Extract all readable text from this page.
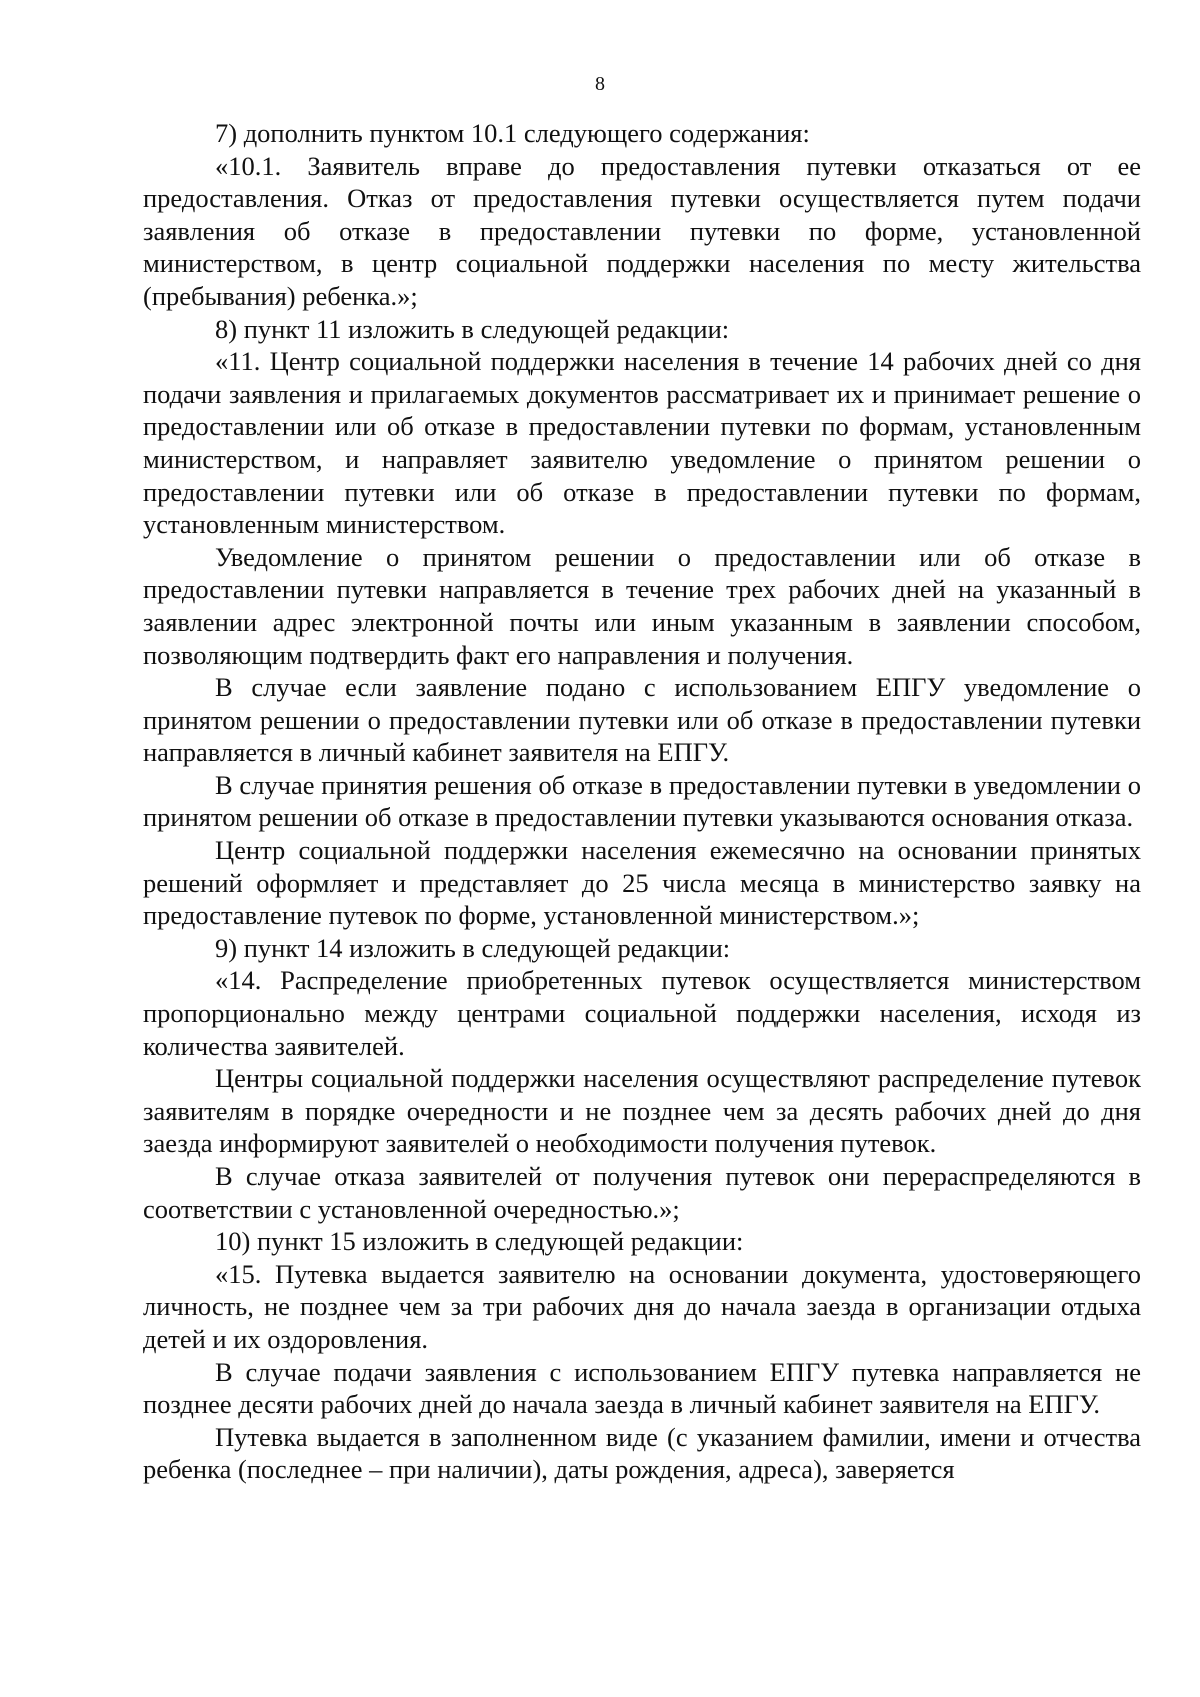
8

7) дополнить пунктом 10.1 следующего содержания:

«10.1. Заявитель вправе до предоставления путевки отказаться от ее предоставления. Отказ от предоставления путевки осуществляется путем подачи заявления об отказе в предоставлении путевки по форме, установленной министерством, в центр социальной поддержки населения по месту жительства (пребывания) ребенка.»;

8) пункт 11 изложить в следующей редакции:

«11. Центр социальной поддержки населения в течение 14 рабочих дней со дня подачи заявления и прилагаемых документов рассматривает их и принимает решение о предоставлении или об отказе в предоставлении путевки по формам, установленным министерством, и направляет заявителю уведомление о принятом решении о предоставлении путевки или об отказе в предоставлении путевки по формам, установленным министерством.

Уведомление о принятом решении о предоставлении или об отказе в предоставлении путевки направляется в течение трех рабочих дней на указанный в заявлении адрес электронной почты или иным указанным в заявлении способом, позволяющим подтвердить факт его направления и получения.

В случае если заявление подано с использованием ЕПГУ уведомление о принятом решении о предоставлении путевки или об отказе в предоставлении путевки направляется в личный кабинет заявителя на ЕПГУ.

В случае принятия решения об отказе в предоставлении путевки в уведомлении о принятом решении об отказе в предоставлении путевки указываются основания отказа.

Центр социальной поддержки населения ежемесячно на основании принятых решений оформляет и представляет до 25 числа месяца в министерство заявку на предоставление путевок по форме, установленной министерством.»;

9) пункт 14 изложить в следующей редакции:

«14. Распределение приобретенных путевок осуществляется министерством пропорционально между центрами социальной поддержки населения, исходя из количества заявителей.

Центры социальной поддержки населения осуществляют распределение путевок заявителям в порядке очередности и не позднее чем за десять рабочих дней до дня заезда информируют заявителей о необходимости получения путевок.

В случае отказа заявителей от получения путевок они перераспределяются в соответствии с установленной очередностью.»;

10) пункт 15 изложить в следующей редакции:

«15. Путевка выдается заявителю на основании документа, удостоверяющего личность, не позднее чем за три рабочих дня до начала заезда в организации отдыха детей и их оздоровления.

В случае подачи заявления с использованием ЕПГУ путевка направляется не позднее десяти рабочих дней до начала заезда в личный кабинет заявителя на ЕПГУ.

Путевка выдается в заполненном виде (с указанием фамилии, имени и отчества ребенка (последнее – при наличии), даты рождения, адреса), заверяется
